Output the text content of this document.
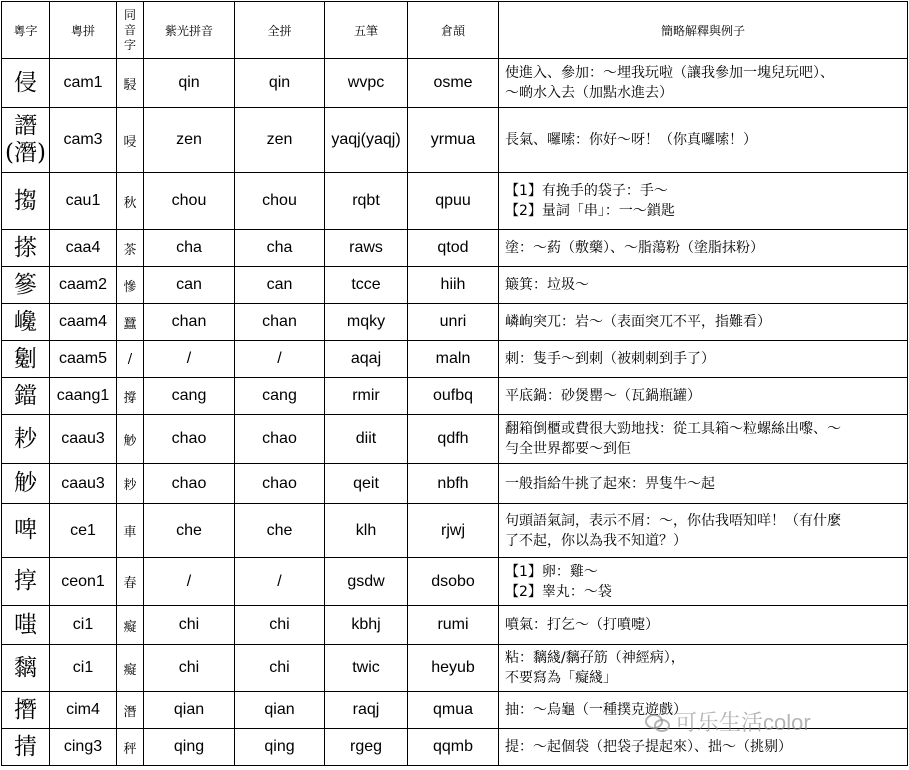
粵字	粵拼	同
音
字	紫光拼音	全拼	五筆	倉頡	簡略解釋與例子
侵	cam1	駸	qin	qin	wvpc	osme	使進入、參加：～埋我玩啦（讓我參加一塊兒玩吧）、
～啲水入去（加點水進去）

譖
(潛)	cam3	唚	zen	zen	yaqj(yaqj)	yrmua	長氣、囉嗦：你好～呀！（你真囉嗦！）

搊	cau1	秋	chou	chou	rqbt	qpuu	【1】有挽手的袋子：手～
【2】量詞「串」：一～鎖匙

搽	caa4	茶	cha	cha	raws	qtod	塗：～葯（敷藥）、～脂蕩粉（塗脂抹粉）

篸	caam2	慘	can	can	tcce	hiih	簸箕：垃圾～

巉	caam4	蠶	chan	chan	mqky	unri	嶙峋突兀：岩～（表面突兀不平，指難看）

劖	caam5	/	/	/	aqaj	maln	刺：隻手～到刺（被刺刺到手了）

鐺	caang1	撐	cang	cang	rmir	oufbq	平底鍋：砂煲罌～（瓦鍋瓶罐）

耖	caau3	觘	chao	chao	diit	qdfh	翻箱倒櫃或費很大勁地找：從工具箱～粒螺絲出嚟、～
勻全世界都要～到佢

觘	caau3	耖	chao	chao	qeit	nbfh	一般指給牛挑了起來：畀隻牛～起

啤	ce1	車	che	che	klh	rjwj	句頭語氣詞，表示不屑：～，你估我唔知咩！（有什麼
了不起，你以為我不知道？）

㨃	ceon1	春	/	/	gsdw	dsobo	【1】卵：雞～
【2】睾丸：～袋

嗤	ci1	癡	chi	chi	kbhj	rumi	噴氣：打乞～（打噴嚏）

黐	ci1	癡	chi	chi	twic	heyub	粘：黐綫/黐孖筋（神經病），
不要寫為「癡綫」

撍	cim4	潛	qian	qian	raqj	qmua	抽：～烏龜（一種撲克遊戲）

掅	cing3	秤	qing	qing	rgeg	qqmb	提：～起個袋（把袋子提起來）、拙～（挑剔）
可乐生活color
